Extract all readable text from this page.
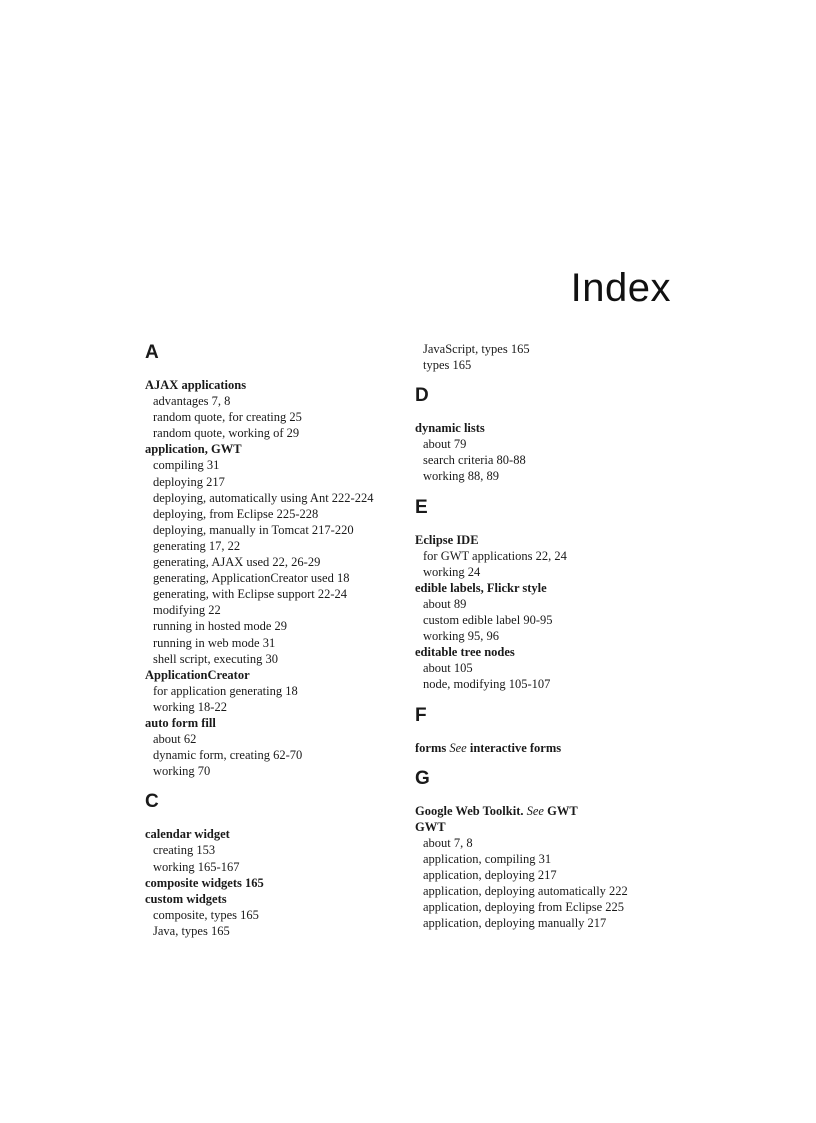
Index
A
AJAX applications
advantages 7, 8
random quote, for creating 25
random quote, working of 29
application, GWT
compiling 31
deploying 217
deploying, automatically using Ant 222-224
deploying, from Eclipse 225-228
deploying, manually in Tomcat 217-220
generating 17, 22
generating, AJAX used 22, 26-29
generating, ApplicationCreator used 18
generating, with Eclipse support 22-24
modifying 22
running in hosted mode 29
running in web mode 31
shell script, executing 30
ApplicationCreator
for application generating 18
working 18-22
auto form fill
about 62
dynamic form, creating 62-70
working 70
C
calendar widget
creating 153
working 165-167
composite widgets 165
custom widgets
composite, types 165
Java, types 165
JavaScript, types 165
types 165
D
dynamic lists
about 79
search criteria 80-88
working 88, 89
E
Eclipse IDE
for GWT applications 22, 24
working 24
edible labels, Flickr style
about 89
custom edible label 90-95
working 95, 96
editable tree nodes
about 105
node, modifying 105-107
F
forms See interactive forms
G
Google Web Toolkit. See GWT
GWT
about 7, 8
application, compiling 31
application, deploying 217
application, deploying automatically 222
application, deploying from Eclipse 225
application, deploying manually 217
